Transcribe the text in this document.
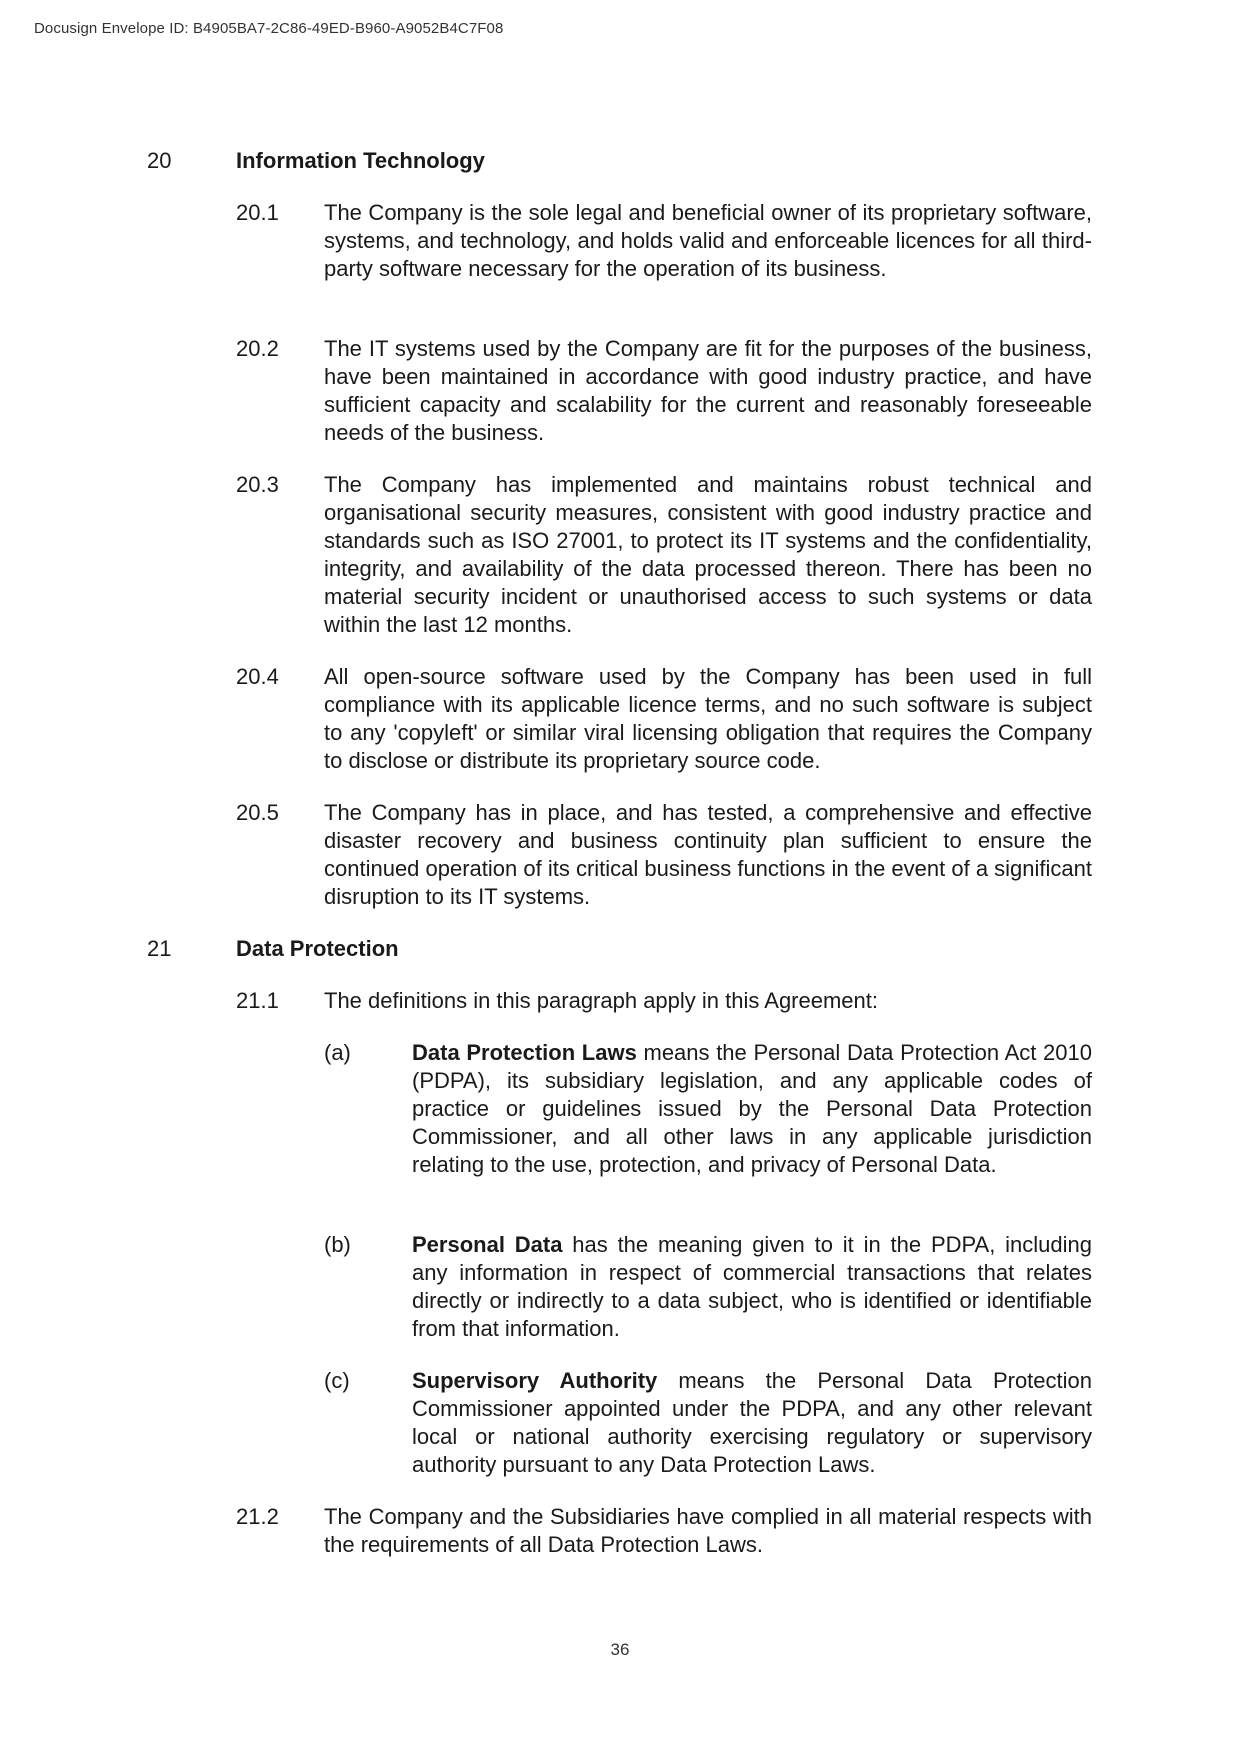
Docusign Envelope ID: B4905BA7-2C86-49ED-B960-A9052B4C7F08
20	Information Technology
20.1 The Company is the sole legal and beneficial owner of its proprietary software, systems, and technology, and holds valid and enforceable licences for all third-party software necessary for the operation of its business.
20.2 The IT systems used by the Company are fit for the purposes of the business, have been maintained in accordance with good industry practice, and have sufficient capacity and scalability for the current and reasonably foreseeable needs of the business.
20.3 The Company has implemented and maintains robust technical and organisational security measures, consistent with good industry practice and standards such as ISO 27001, to protect its IT systems and the confidentiality, integrity, and availability of the data processed thereon. There has been no material security incident or unauthorised access to such systems or data within the last 12 months.
20.4 All open-source software used by the Company has been used in full compliance with its applicable licence terms, and no such software is subject to any 'copyleft' or similar viral licensing obligation that requires the Company to disclose or distribute its proprietary source code.
20.5 The Company has in place, and has tested, a comprehensive and effective disaster recovery and business continuity plan sufficient to ensure the continued operation of its critical business functions in the event of a significant disruption to its IT systems.
21	Data Protection
21.1 The definitions in this paragraph apply in this Agreement:
(a)	Data Protection Laws means the Personal Data Protection Act 2010 (PDPA), its subsidiary legislation, and any applicable codes of practice or guidelines issued by the Personal Data Protection Commissioner, and all other laws in any applicable jurisdiction relating to the use, protection, and privacy of Personal Data.
(b)	Personal Data has the meaning given to it in the PDPA, including any information in respect of commercial transactions that relates directly or indirectly to a data subject, who is identified or identifiable from that information.
(c)	Supervisory Authority means the Personal Data Protection Commissioner appointed under the PDPA, and any other relevant local or national authority exercising regulatory or supervisory authority pursuant to any Data Protection Laws.
21.2 The Company and the Subsidiaries have complied in all material respects with the requirements of all Data Protection Laws.
36
